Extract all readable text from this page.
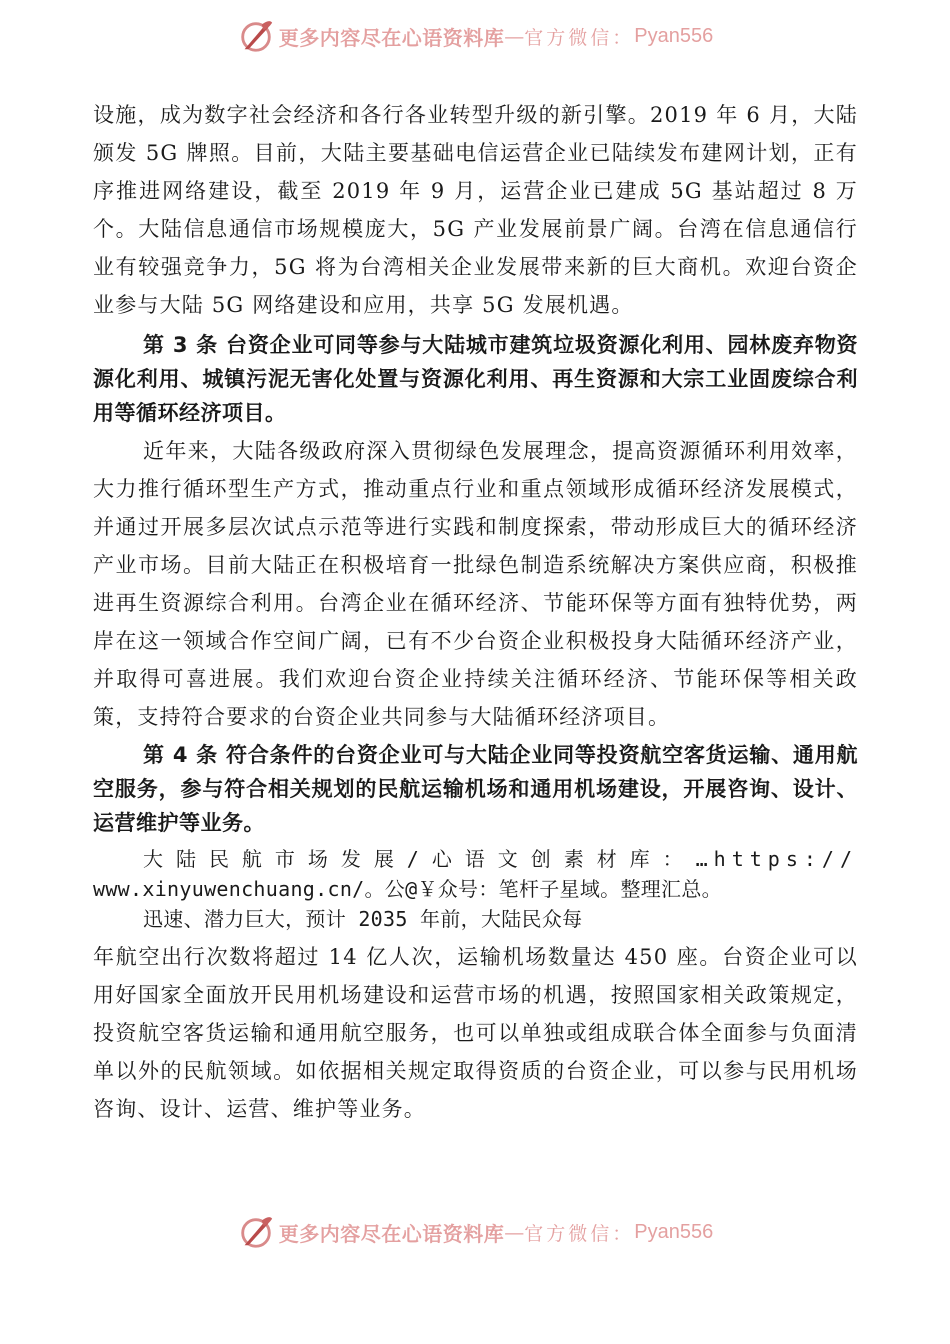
更多内容尽在心语资料库 — 官方微信： Pyan556

设施，成为数字社会经济和各行各业转型升级的新引擎。2019 年 6 月，大陆颁发 5G 牌照。目前，大陆主要基础电信运营企业已陆续发布建网计划，正有序推进网络建设，截至 2019 年 9 月，运营企业已建成 5G 基站超过 8 万个。大陆信息通信市场规模庞大，5G 产业发展前景广阔。台湾在信息通信行业有较强竞争力，5G 将为台湾相关企业发展带来新的巨大商机。欢迎台资企业参与大陆 5G 网络建设和应用，共享 5G 发展机遇。

第 3 条 台资企业可同等参与大陆城市建筑垃圾资源化利用、园林废弃物资源化利用、城镇污泥无害化处置与资源化利用、再生资源和大宗工业固废综合利用等循环经济项目。

近年来，大陆各级政府深入贯彻绿色发展理念，提高资源循环利用效率，大力推行循环型生产方式，推动重点行业和重点领域形成循环经济发展模式，并通过开展多层次试点示范等进行实践和制度探索，带动形成巨大的循环经济产业市场。目前大陆正在积极培育一批绿色制造系统解决方案供应商，积极推进再生资源综合利用。台湾企业在循环经济、节能环保等方面有独特优势，两岸在这一领域合作空间广阔，已有不少台资企业积极投身大陆循环经济产业，并取得可喜进展。我们欢迎台资企业持续关注循环经济、节能环保等相关政策，支持符合要求的台资企业共同参与大陆循环经济项目。

第 4 条 符合条件的台资企业可与大陆企业同等投资航空客货运输、通用航空服务，参与符合相关规划的民航运输机场和通用机场建设，开展咨询、设计、运营维护等业务。

大陆民航市场发展/心语文创素材库：…https://

www.xinyuwenchuang.cn/。公@￥众号：笔杆子星域。整理汇总。

迅速、潜力巨大，预计 2035 年前，大陆民众每

年航空出行次数将超过 14 亿人次，运输机场数量达 450 座。台资企业可以用好国家全面放开民用机场建设和运营市场的机遇，按照国家相关政策规定，投资航空客货运输和通用航空服务，也可以单独或组成联合体全面参与负面清单以外的民航领域。如依据相关规定取得资质的台资企业，可以参与民用机场咨询、设计、运营、维护等业务。

更多内容尽在心语资料库 — 官方微信： Pyan556
